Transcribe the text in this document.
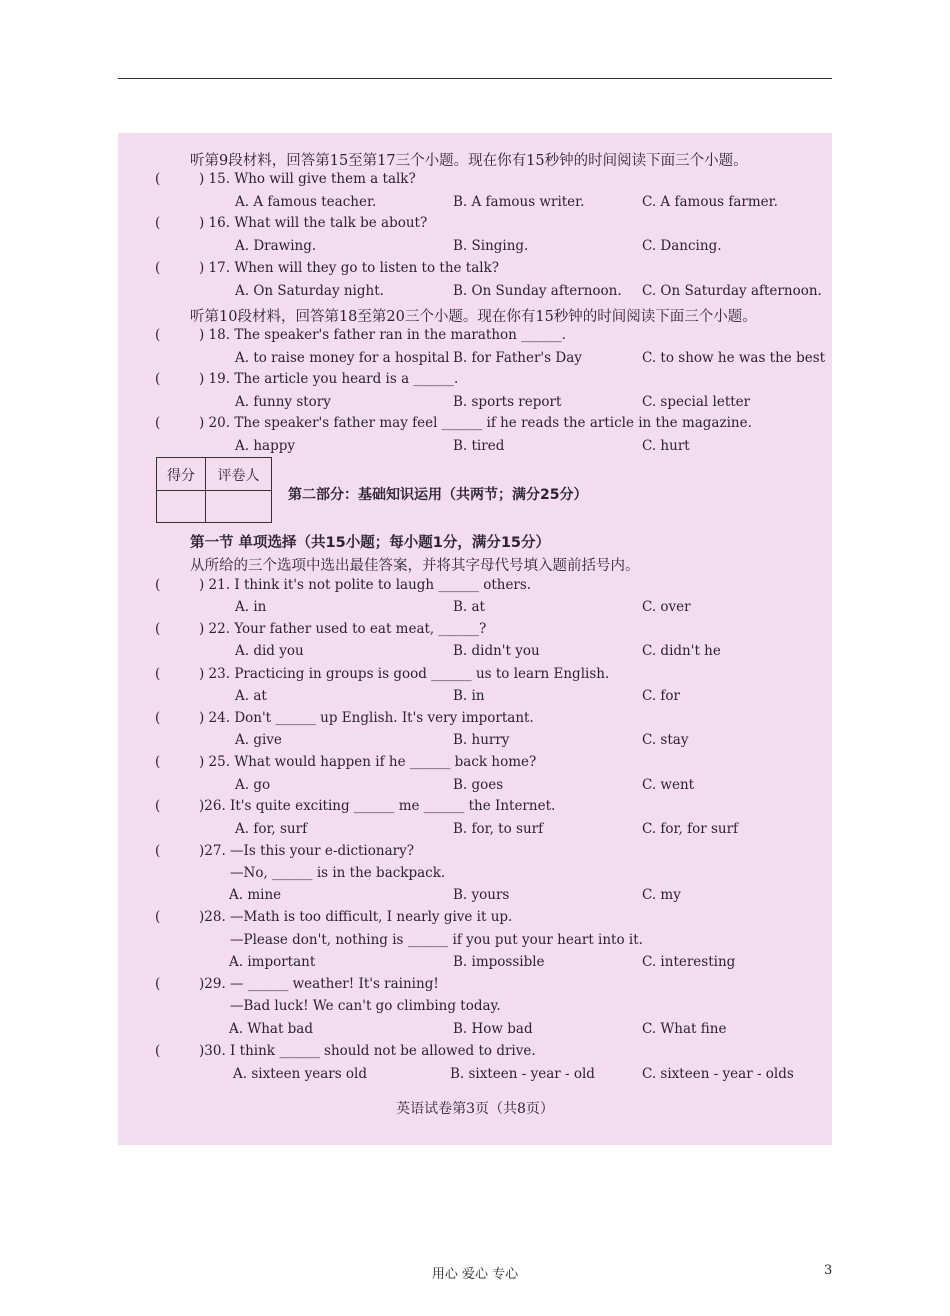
听第9段材料，回答第15至第17三个小题。现在你有15秒钟的时间阅读下面三个小题。
(	) 15. Who will give them a talk?
A. A famous teacher.	B. A famous writer.	C. A famous farmer.
(	) 16. What will the talk be about?
A. Drawing.	B. Singing.	C. Dancing.
(	) 17. When will they go to listen to the talk?
A. On Saturday night.	B. On Sunday afternoon. C. On Saturday afternoon.
听第10段材料，回答第18至第20三个小题。现在你有15秒钟的时间阅读下面三个小题。
(	) 18. The speaker's father ran in the marathon ______.
A. to raise money for a hospital B. for Father's Day	C. to show he was the best
(	) 19. The article you heard is a ______.
A. funny story	B. sports report	C. special letter
(	) 20. The speaker's father may feel ______ if he reads the article in the magazine.
A. happy	B. tired	C. hurt
得分	评卷人
第二部分：基础知识运用（共两节；满分25分）
第一节 单项选择（共15小题；每小题1分，满分15分）
从所给的三个选项中选出最佳答案，并将其字母代号填入题前括号内。
(	) 21. I think it's not polite to laugh ______ others.
A. in	B. at	C. over
(	) 22. Your father used to eat meat, ______?
A. did you	B. didn't you	C. didn't he
(	) 23. Practicing in groups is good ______ us to learn English.
A. at	B. in	C. for
(	) 24. Don't ______ up English. It's very important.
A. give	B. hurry	C. stay
(	) 25. What would happen if he ______ back home?
A. go	B. goes	C. went
(	)26. It's quite exciting ______ me ______ the Internet.
A. for, surf	B. for, to surf	C. for, for surf
(	)27. —Is this your e-dictionary?
—No, ______ is in the backpack.
A. mine	B. yours	C. my
(	)28. —Math is too difficult, I nearly give it up.
—Please don't, nothing is ______ if you put your heart into it.
A. important	B. impossible	C. interesting
(	)29. — ______ weather! It's raining!
—Bad luck! We can't go climbing today.
A. What bad	B. How bad	C. What fine
(	)30. I think ______ should not be allowed to drive.
A. sixteen years old	B. sixteen - year - old	C. sixteen - year - olds
英语试卷第3页（共8页）
用心 爱心 专心	3
